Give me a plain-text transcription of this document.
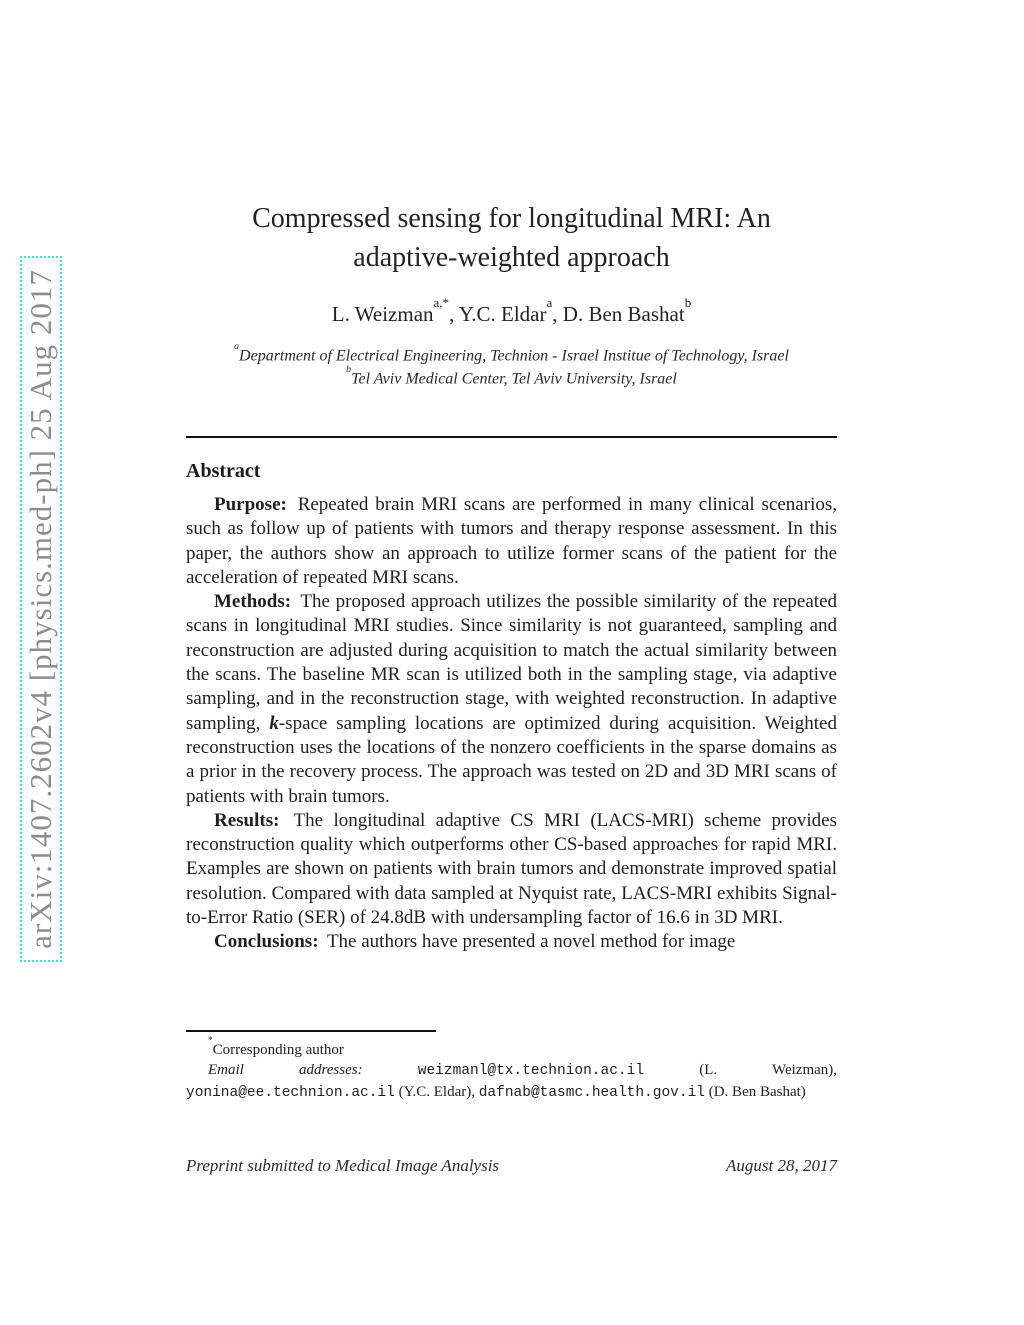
arXiv:1407.2602v4 [physics.med-ph] 25 Aug 2017
Compressed sensing for longitudinal MRI: An
adaptive-weighted approach
L. Weizman$^{a,*}$, Y.C. Eldar$^a$, D. Ben Bashat$^b$
$^a$Department of Electrical Engineering, Technion - Israel Institue of Technology, Israel
$^b$Tel Aviv Medical Center, Tel Aviv University, Israel
Abstract

Purpose: Repeated brain MRI scans are performed in many clinical scenarios, such as follow up of patients with tumors and therapy response assessment. In this paper, the authors show an approach to utilize former scans of the patient for the acceleration of repeated MRI scans.

Methods: The proposed approach utilizes the possible similarity of the repeated scans in longitudinal MRI studies. Since similarity is not guaranteed, sampling and reconstruction are adjusted during acquisition to match the actual similarity between the scans. The baseline MR scan is utilized both in the sampling stage, via adaptive sampling, and in the reconstruction stage, with weighted reconstruction. In adaptive sampling, k-space sampling locations are optimized during acquisition. Weighted reconstruction uses the locations of the nonzero coefficients in the sparse domains as a prior in the recovery process. The approach was tested on 2D and 3D MRI scans of patients with brain tumors.

Results: The longitudinal adaptive CS MRI (LACS-MRI) scheme provides reconstruction quality which outperforms other CS-based approaches for rapid MRI. Examples are shown on patients with brain tumors and demonstrate improved spatial resolution. Compared with data sampled at Nyquist rate, LACS-MRI exhibits Signal-to-Error Ratio (SER) of 24.8dB with undersampling factor of 16.6 in 3D MRI.

Conclusions: The authors have presented a novel method for image

*Corresponding author

Email addresses:	weizmanl@tx.technion.ac.il	(L. Weizman), yonina@ee.technion.ac.il (Y.C. Eldar), dafnab@tasmc.health.gov.il (D. Ben Bashat)

Preprint submitted to Medical Image Analysis	August 28, 2017
